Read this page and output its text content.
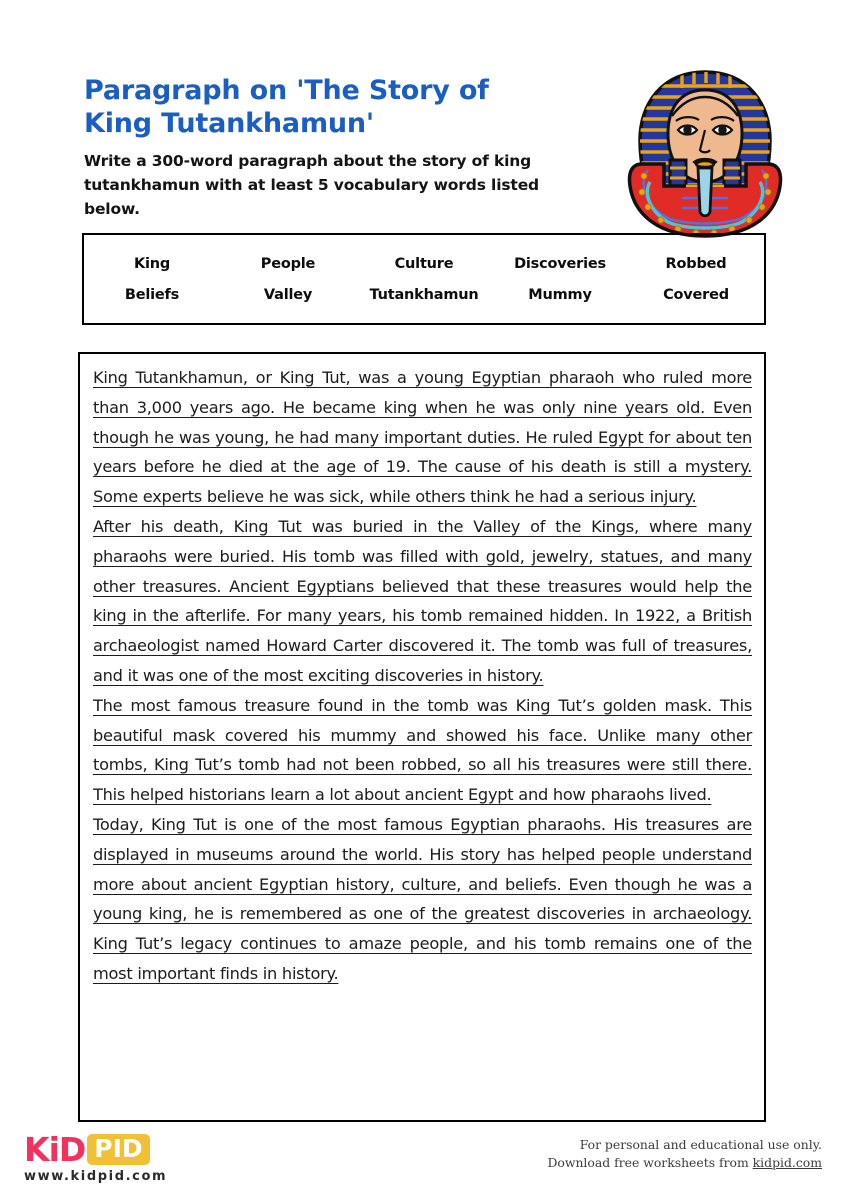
Paragraph on 'The Story of King Tutankhamun'

Write a 300-word paragraph about the story of king tutankhamun with at least 5 vocabulary words listed below.

King	People	Culture	Discoveries	Robbed
Beliefs	Valley	Tutankhamun	Mummy	Covered

King Tutankhamun, or King Tut, was a young Egyptian pharaoh who ruled more than 3,000 years ago. He became king when he was only nine years old. Even though he was young, he had many important duties. He ruled Egypt for about ten years before he died at the age of 19. The cause of his death is still a mystery. Some experts believe he was sick, while others think he had a serious injury.

After his death, King Tut was buried in the Valley of the Kings, where many pharaohs were buried. His tomb was filled with gold, jewelry, statues, and many other treasures. Ancient Egyptians believed that these treasures would help the king in the afterlife. For many years, his tomb remained hidden. In 1922, a British archaeologist named Howard Carter discovered it. The tomb was full of treasures, and it was one of the most exciting discoveries in history.

The most famous treasure found in the tomb was King Tut’s golden mask. This beautiful mask covered his mummy and showed his face. Unlike many other tombs, King Tut’s tomb had not been robbed, so all his treasures were still there. This helped historians learn a lot about ancient Egypt and how pharaohs lived.

Today, King Tut is one of the most famous Egyptian pharaohs. His treasures are displayed in museums around the world. His story has helped people understand more about ancient Egyptian history, culture, and beliefs. Even though he was a young king, he is remembered as one of the greatest discoveries in archaeology. King Tut’s legacy continues to amaze people, and his tomb remains one of the most important finds in history.

KiD PID
www.kidpid.com
For personal and educational use only.
Download free worksheets from kidpid.com
